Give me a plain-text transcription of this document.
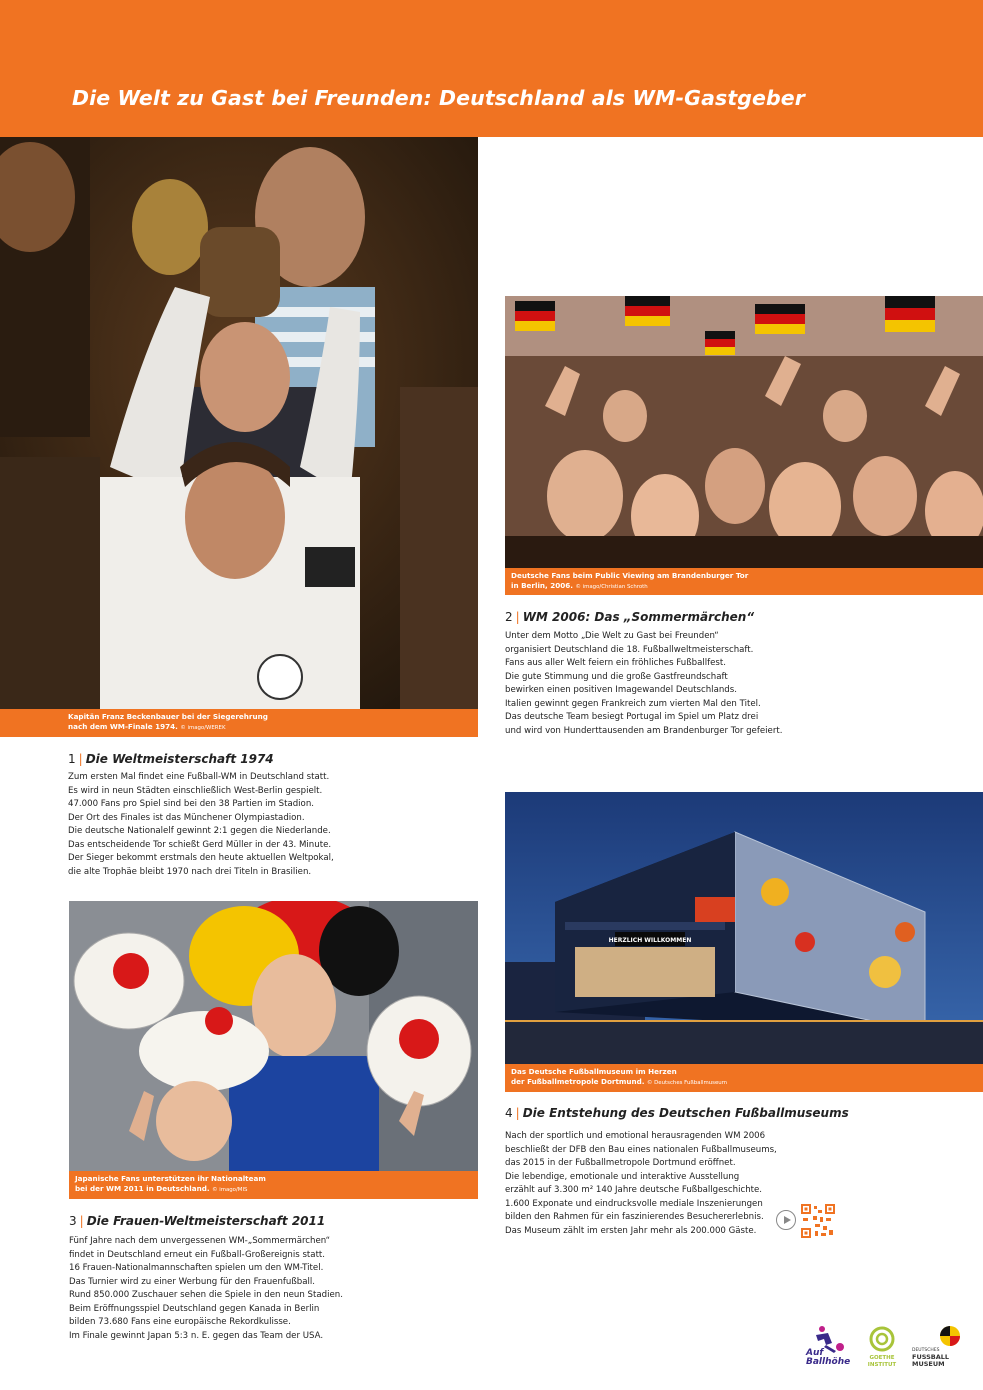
Die Welt zu Gast bei Freunden: Deutschland als WM-Gastgeber
Kapitän Franz Beckenbauer bei der Siegerehrung
nach dem WM-Finale 1974. © imago/WEREK
1 | Die Weltmeisterschaft 1974
Zum ersten Mal findet eine Fußball-WM in Deutschland statt.
Es wird in neun Städten einschließlich West-Berlin gespielt.
47.000 Fans pro Spiel sind bei den 38 Partien im Stadion.
Der Ort des Finales ist das Münchener Olympiastadion.
Die deutsche Nationalelf gewinnt 2:1 gegen die Niederlande.
Das entscheidende Tor schießt Gerd Müller in der 43. Minute.
Der Sieger bekommt erstmals den heute aktuellen Weltpokal,
die alte Trophäe bleibt 1970 nach drei Titeln in Brasilien.
Deutsche Fans beim Public Viewing am Brandenburger Tor
in Berlin, 2006. © imago/Christian Schroth
2 | WM 2006: Das „Sommermärchen“
Unter dem Motto „Die Welt zu Gast bei Freunden“
organisiert Deutschland die 18. Fußballweltmeisterschaft.
Fans aus aller Welt feiern ein fröhliches Fußballfest.
Die gute Stimmung und die große Gastfreundschaft
bewirken einen positiven Imagewandel Deutschlands.
Italien gewinnt gegen Frankreich zum vierten Mal den Titel.
Das deutsche Team besiegt Portugal im Spiel um Platz drei
und wird von Hunderttausenden am Brandenburger Tor gefeiert.
HERZLICH WILLKOMMEN
Das Deutsche Fußballmuseum im Herzen
der Fußballmetropole Dortmund. © Deutsches Fußballmuseum
4 | Die Entstehung des Deutschen Fußballmuseums
Nach der sportlich und emotional herausragenden WM 2006
beschließt der DFB den Bau eines nationalen Fußballmuseums,
das 2015 in der Fußballmetropole Dortmund eröffnet.
Die lebendige, emotionale und interaktive Ausstellung
erzählt auf 3.300 m² 140 Jahre deutsche Fußballgeschichte.
1.600 Exponate und eindrucksvolle mediale Inszenierungen
bilden den Rahmen für ein faszinierendes Besuchererlebnis.
Das Museum zählt im ersten Jahr mehr als 200.000 Gäste.
Japanische Fans unterstützen ihr Nationalteam
bei der WM 2011 in Deutschland. © imago/MIS
3 | Die Frauen-Weltmeisterschaft 2011
Fünf Jahre nach dem unvergessenen WM-„Sommermärchen“
findet in Deutschland erneut ein Fußball-Großereignis statt.
16 Frauen-Nationalmannschaften spielen um den WM-Titel.
Das Turnier wird zu einer Werbung für den Frauenfußball.
Rund 850.000 Zuschauer sehen die Spiele in den neun Stadien.
Beim Eröffnungsspiel Deutschland gegen Kanada in Berlin
bilden 73.680 Fans eine europäische Rekordkulisse.
Im Finale gewinnt Japan 5:3 n. E. gegen das Team der USA.
Auf
Ballhöhe	GOETHE
INSTITUT
DEUTSCHES
FUSSBALL
MUSEUM
